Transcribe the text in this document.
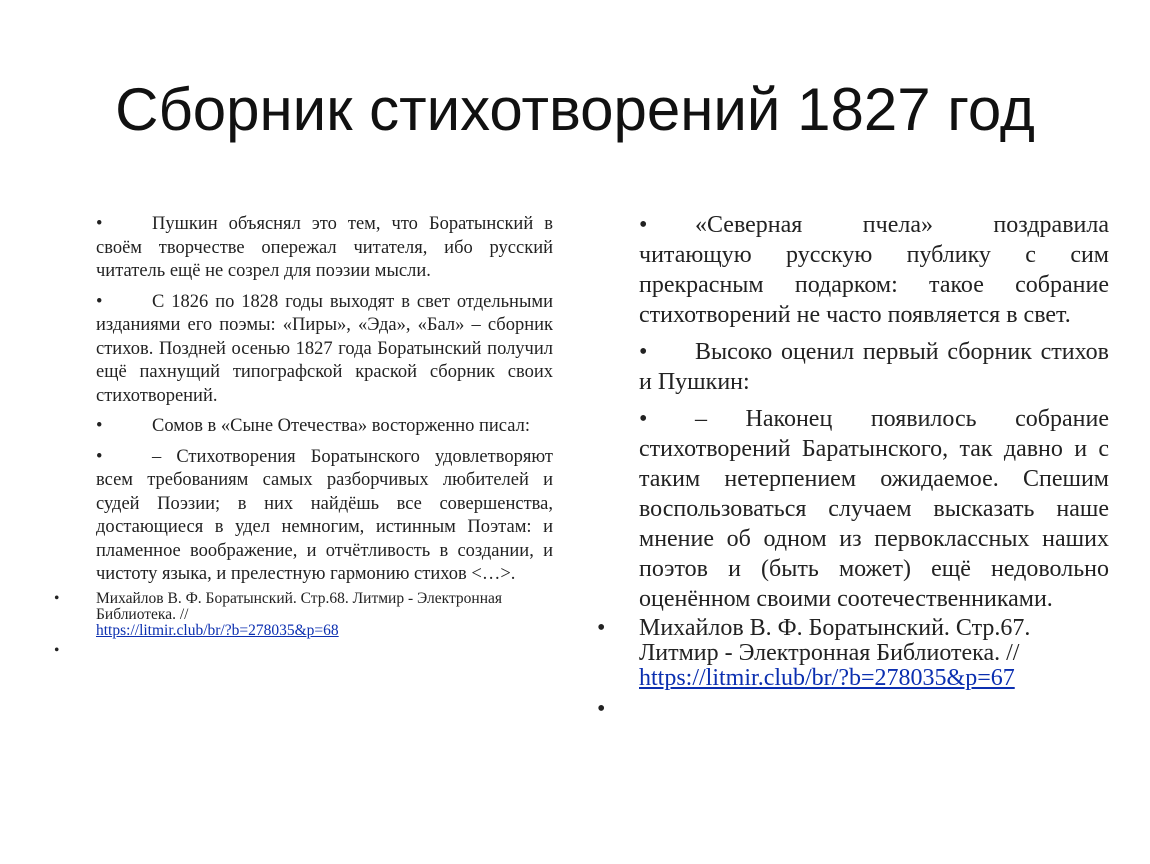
Сборник стихотворений 1827 год

•	Пушкин объяснял это тем, что Боратынский в своём творчестве опережал читателя, ибо русский читатель ещё не созрел для поэзии мысли.

•	С 1826 по 1828 годы выходят в свет отдельными изданиями его поэмы: «Пиры», «Эда», «Бал» – сборник стихов. Поздней осенью 1827 года Боратынский получил ещё пахнущий типографской краской сборник своих стихотворений.

•	Сомов в «Сыне Отечества» восторженно писал:

•	– Стихотворения Боратынского удовлетворяют всем требованиям самых разборчивых любителей и судей Поэзии; в них найдёшь все совершенства, достающиеся в удел немногим, истинным Поэтам: и пламенное воображение, и отчётливость в создании, и чистоту языка, и прелестную гармонию стихов <…>.

• Михайлов В. Ф. Боратынский. Стр.68. Литмир - Электронная Библиотека. //
https://litmir.club/br/?b=278035&p=68
•

• «Северная пчела» поздравила читающую русскую публику с сим прекрасным подарком: такое собрание стихотворений не часто появляется в свет.

• Высоко оценил первый сборник стихов и Пушкин:

• – Наконец появилось собрание стихотворений Баратынского, так давно и с таким нетерпением ожидаемое. Спешим воспользоваться случаем высказать наше мнение об одном из первоклассных наших поэтов и (быть может) ещё недовольно оценённом своими соотечественниками.

• Михайлов В. Ф. Боратынский. Стр.67. Литмир - Электронная Библиотека. //
https://litmir.club/br/?b=278035&p=67
•
